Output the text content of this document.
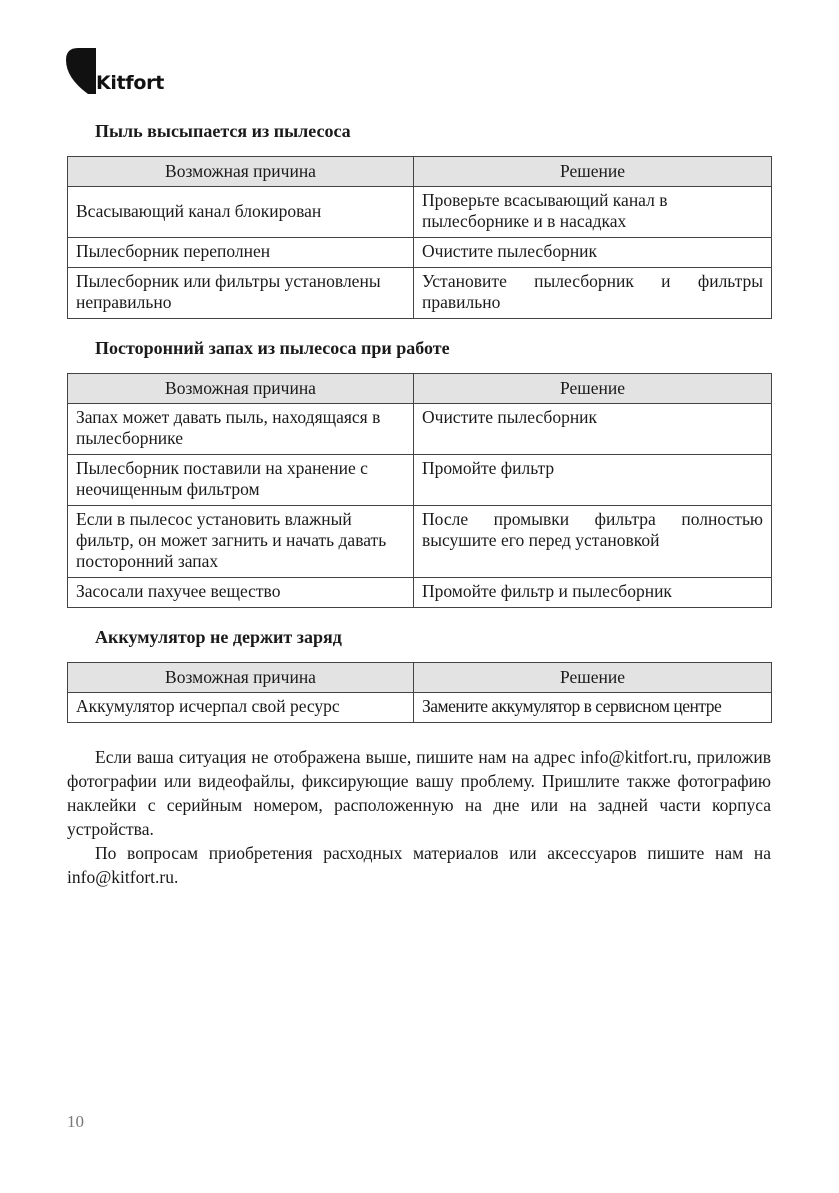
Kitfort
Пыль высыпается из пылесоса
Возможная причина	Решение
Всасывающий канал блокирован	Проверьте всасывающий канал в пылесборнике и в насадках
Пылесборник переполнен	Очистите пылесборник
Пылесборник или фильтры установлены неправильно	Установите пылесборник и фильтры правильно
Посторонний запах из пылесоса при работе
Возможная причина	Решение
Запах может давать пыль, находящаяся в пылесборнике	Очистите пылесборник
Пылесборник поставили на хранение с неочищенным фильтром	Промойте фильтр
Если в пылесос установить влажный фильтр, он может загнить и начать давать посторонний запах	После промывки фильтра полностью высушите его перед установкой
Засосали пахучее вещество	Промойте фильтр и пылесборник
Аккумулятор не держит заряд
Возможная причина	Решение
Аккумулятор исчерпал свой ресурс	Замените аккумулятор в сервисном центре

Если ваша ситуация не отображена выше, пишите нам на адрес info@kitfort.ru, приложив фотографии или видеофайлы, фиксирующие вашу проблему. Пришлите также фотографию наклейки с серийным номером, расположенную на дне или на задней части корпуса устройства.

По вопросам приобретения расходных материалов или аксессуаров пишите нам на info@kitfort.ru.

10
